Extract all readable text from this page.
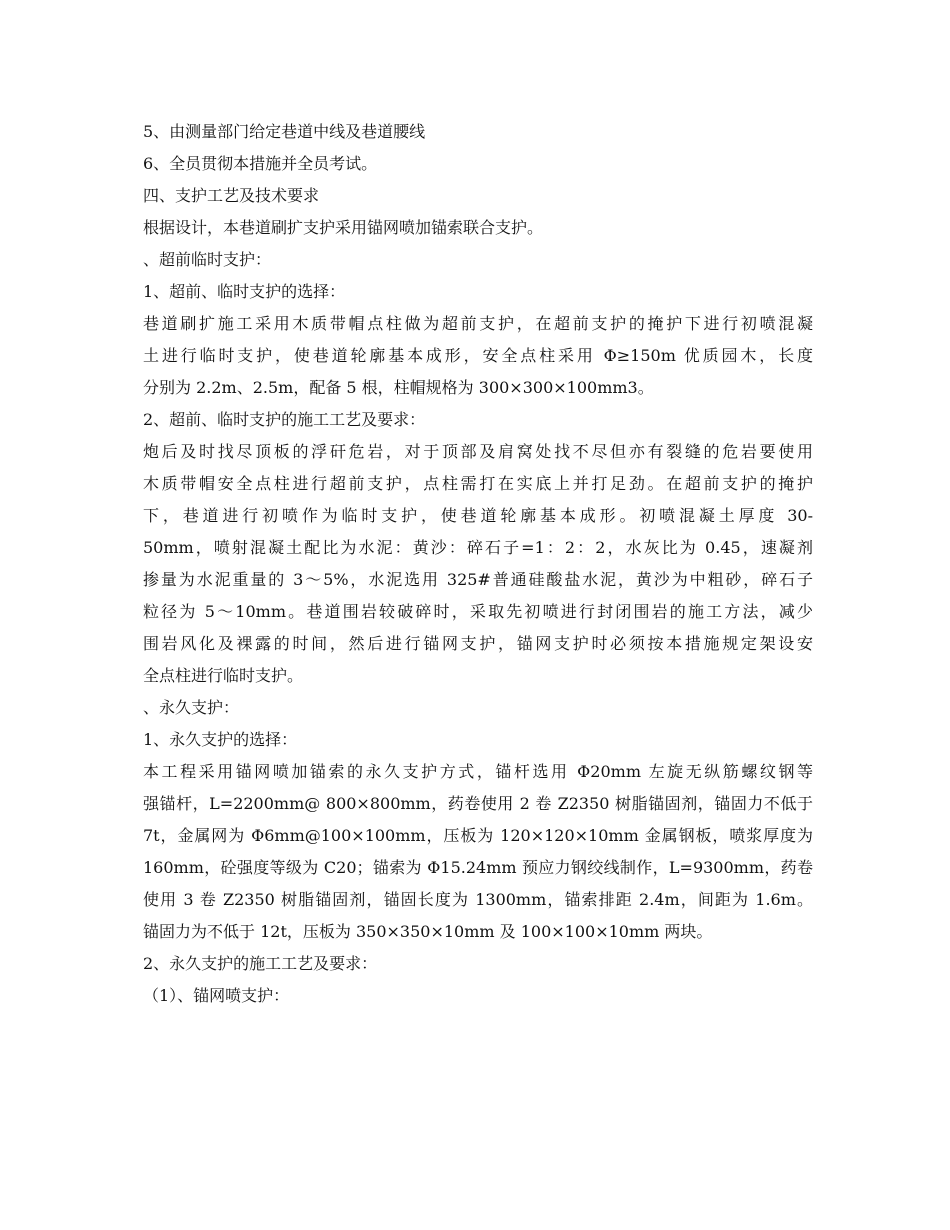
5、由测量部门给定巷道中线及巷道腰线
6、全员贯彻本措施并全员考试。
四、支护工艺及技术要求
根据设计，本巷道刷扩支护采用锚网喷加锚索联合支护。
、超前临时支护：
1、超前、临时支护的选择：
巷道刷扩施工采用木质带帽点柱做为超前支护，在超前支护的掩护下进行初喷混凝
土进行临时支护，使巷道轮廓基本成形，安全点柱采用 Φ≥150m 优质园木，长度
分别为 2.2m、2.5m，配备 5 根，柱帽规格为 300×300×100mm3。
2、超前、临时支护的施工工艺及要求：
炮后及时找尽顶板的浮矸危岩，对于顶部及肩窝处找不尽但亦有裂缝的危岩要使用
木质带帽安全点柱进行超前支护，点柱需打在实底上并打足劲。在超前支护的掩护
下，巷道进行初喷作为临时支护，使巷道轮廓基本成形。初喷混凝土厚度 30-
50mm，喷射混凝土配比为水泥：黄沙：碎石子=1：2：2，水灰比为 0.45，速凝剂
掺量为水泥重量的 3～5%，水泥选用 325#普通硅酸盐水泥，黄沙为中粗砂，碎石子
粒径为 5～10mm。巷道围岩较破碎时，采取先初喷进行封闭围岩的施工方法，减少
围岩风化及裸露的时间，然后进行锚网支护，锚网支护时必须按本措施规定架设安
全点柱进行临时支护。
、永久支护：
1、永久支护的选择：
本工程采用锚网喷加锚索的永久支护方式，锚杆选用 Φ20mm 左旋无纵筋螺纹钢等
强锚杆，L=2200mm@ 800×800mm，药卷使用 2 卷 Z2350 树脂锚固剂，锚固力不低于
7t，金属网为 Φ6mm@100×100mm，压板为 120×120×10mm 金属钢板，喷浆厚度为
160mm，砼强度等级为 C20；锚索为 Φ15.24mm 预应力钢绞线制作，L=9300mm，药卷
使用 3 卷 Z2350 树脂锚固剂，锚固长度为 1300mm，锚索排距 2.4m，间距为 1.6m。
锚固力为不低于 12t，压板为 350×350×10mm 及 100×100×10mm 两块。
2、永久支护的施工工艺及要求：
（1）、锚网喷支护：
